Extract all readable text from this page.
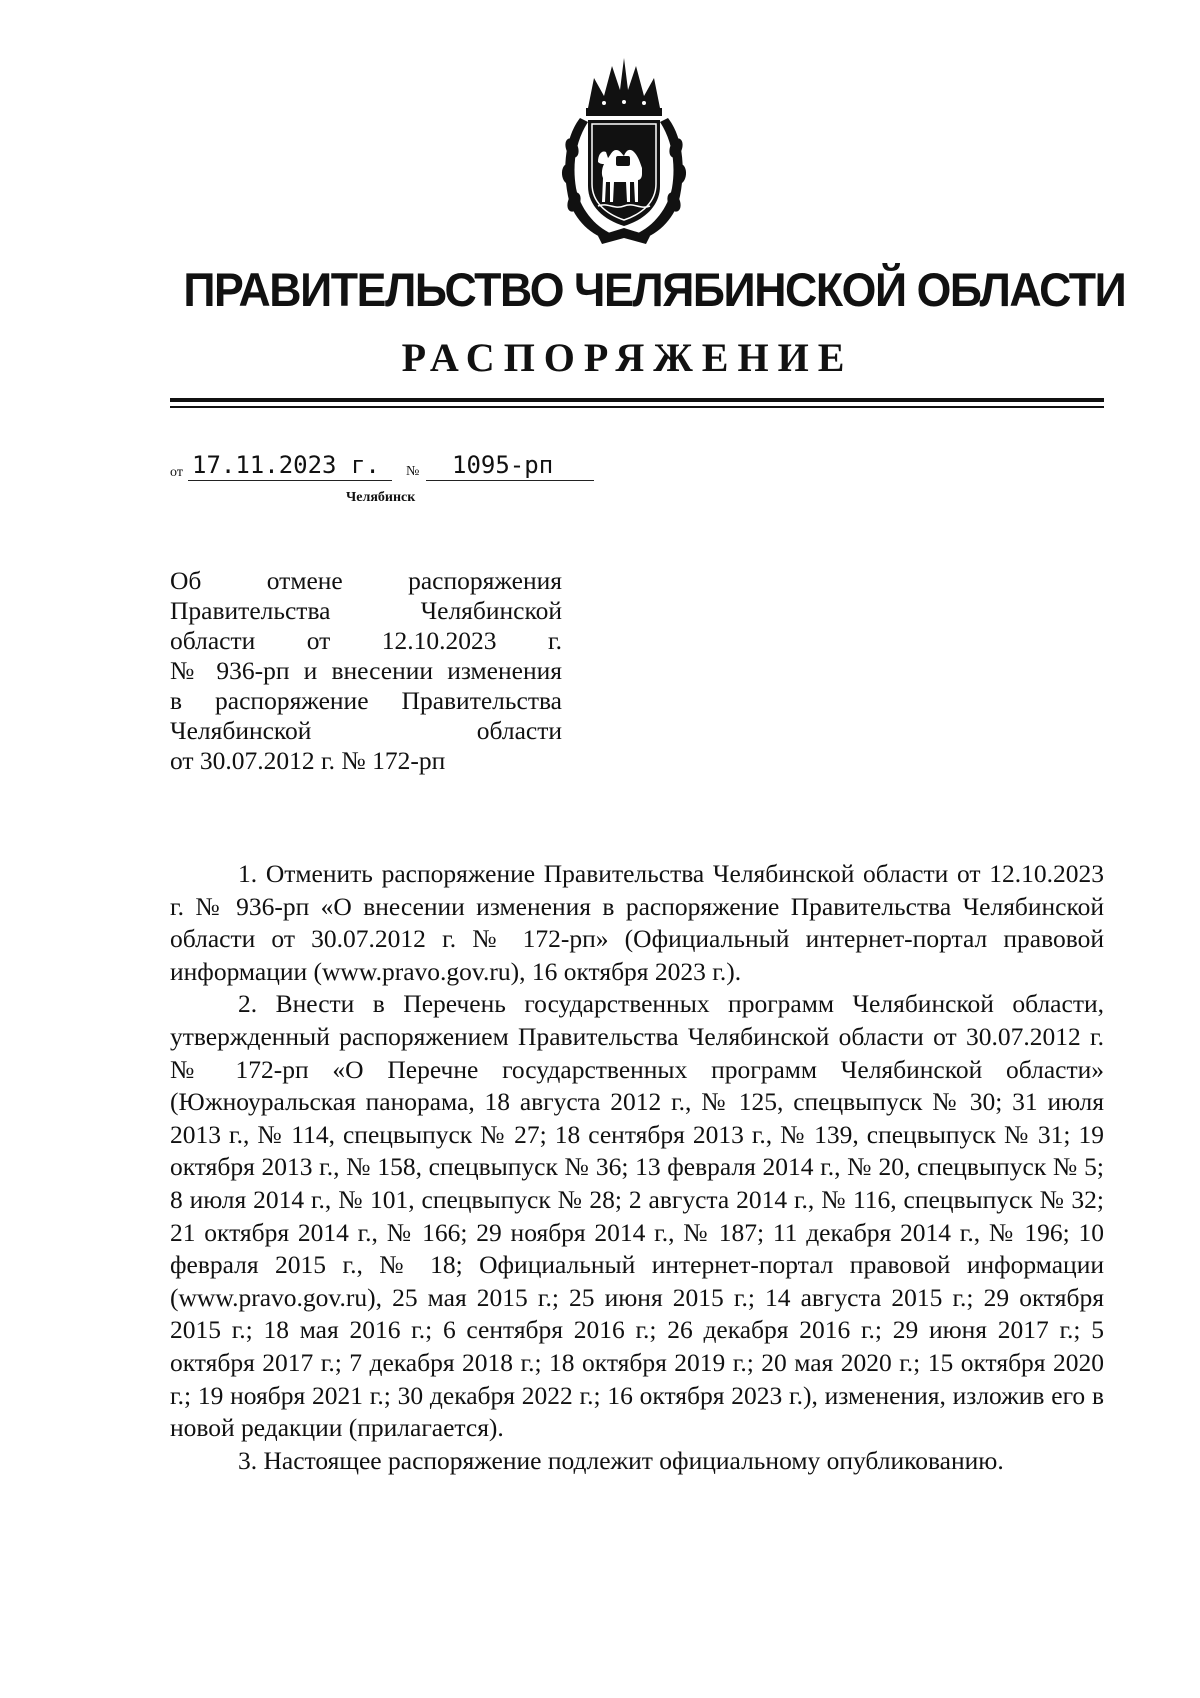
ПРАВИТЕЛЬСТВО ЧЕЛЯБИНСКОЙ ОБЛАСТИ
РАСПОРЯЖЕНИЕ
от 17.11.2023 г.	№	1095-рп
Челябинск
Об отмене распоряжения
Правительства Челябинской
области от 12.10.2023 г.
№ 936-рп и внесении изменения
в распоряжение Правительства
Челябинской области
от 30.07.2012 г. № 172-рп

1. Отменить распоряжение Правительства Челябинской области от 12.10.2023 г. № 936-рп «О внесении изменения в распоряжение Правительства Челябинской области от 30.07.2012 г. № 172-рп» (Официальный интернет-портал правовой информации (www.pravo.gov.ru), 16 октября 2023 г.).

2. Внести в Перечень государственных программ Челябинской области, утвержденный распоряжением Правительства Челябинской области от 30.07.2012 г. № 172-рп «О Перечне государственных программ Челябинской области» (Южноуральская панорама, 18 августа 2012 г., № 125, спецвыпуск № 30; 31 июля 2013 г., № 114, спецвыпуск № 27; 18 сентября 2013 г., № 139, спецвыпуск № 31; 19 октября 2013 г., № 158, спецвыпуск № 36; 13 февраля 2014 г., № 20, спецвыпуск № 5; 8 июля 2014 г., № 101, спецвыпуск № 28; 2 августа 2014 г., № 116, спецвыпуск № 32; 21 октября 2014 г., № 166; 29 ноября 2014 г., № 187; 11 декабря 2014 г., № 196; 10 февраля 2015 г., № 18; Официальный интернет-портал правовой информации (www.pravo.gov.ru), 25 мая 2015 г.; 25 июня 2015 г.; 14 августа 2015 г.; 29 октября 2015 г.; 18 мая 2016 г.; 6 сентября 2016 г.; 26 декабря 2016 г.; 29 июня 2017 г.; 5 октября 2017 г.; 7 декабря 2018 г.; 18 октября 2019 г.; 20 мая 2020 г.; 15 октября 2020 г.; 19 ноября 2021 г.; 30 декабря 2022 г.; 16 октября 2023 г.), изменения, изложив его в новой редакции (прилагается).

3. Настоящее распоряжение подлежит официальному опубликованию.
